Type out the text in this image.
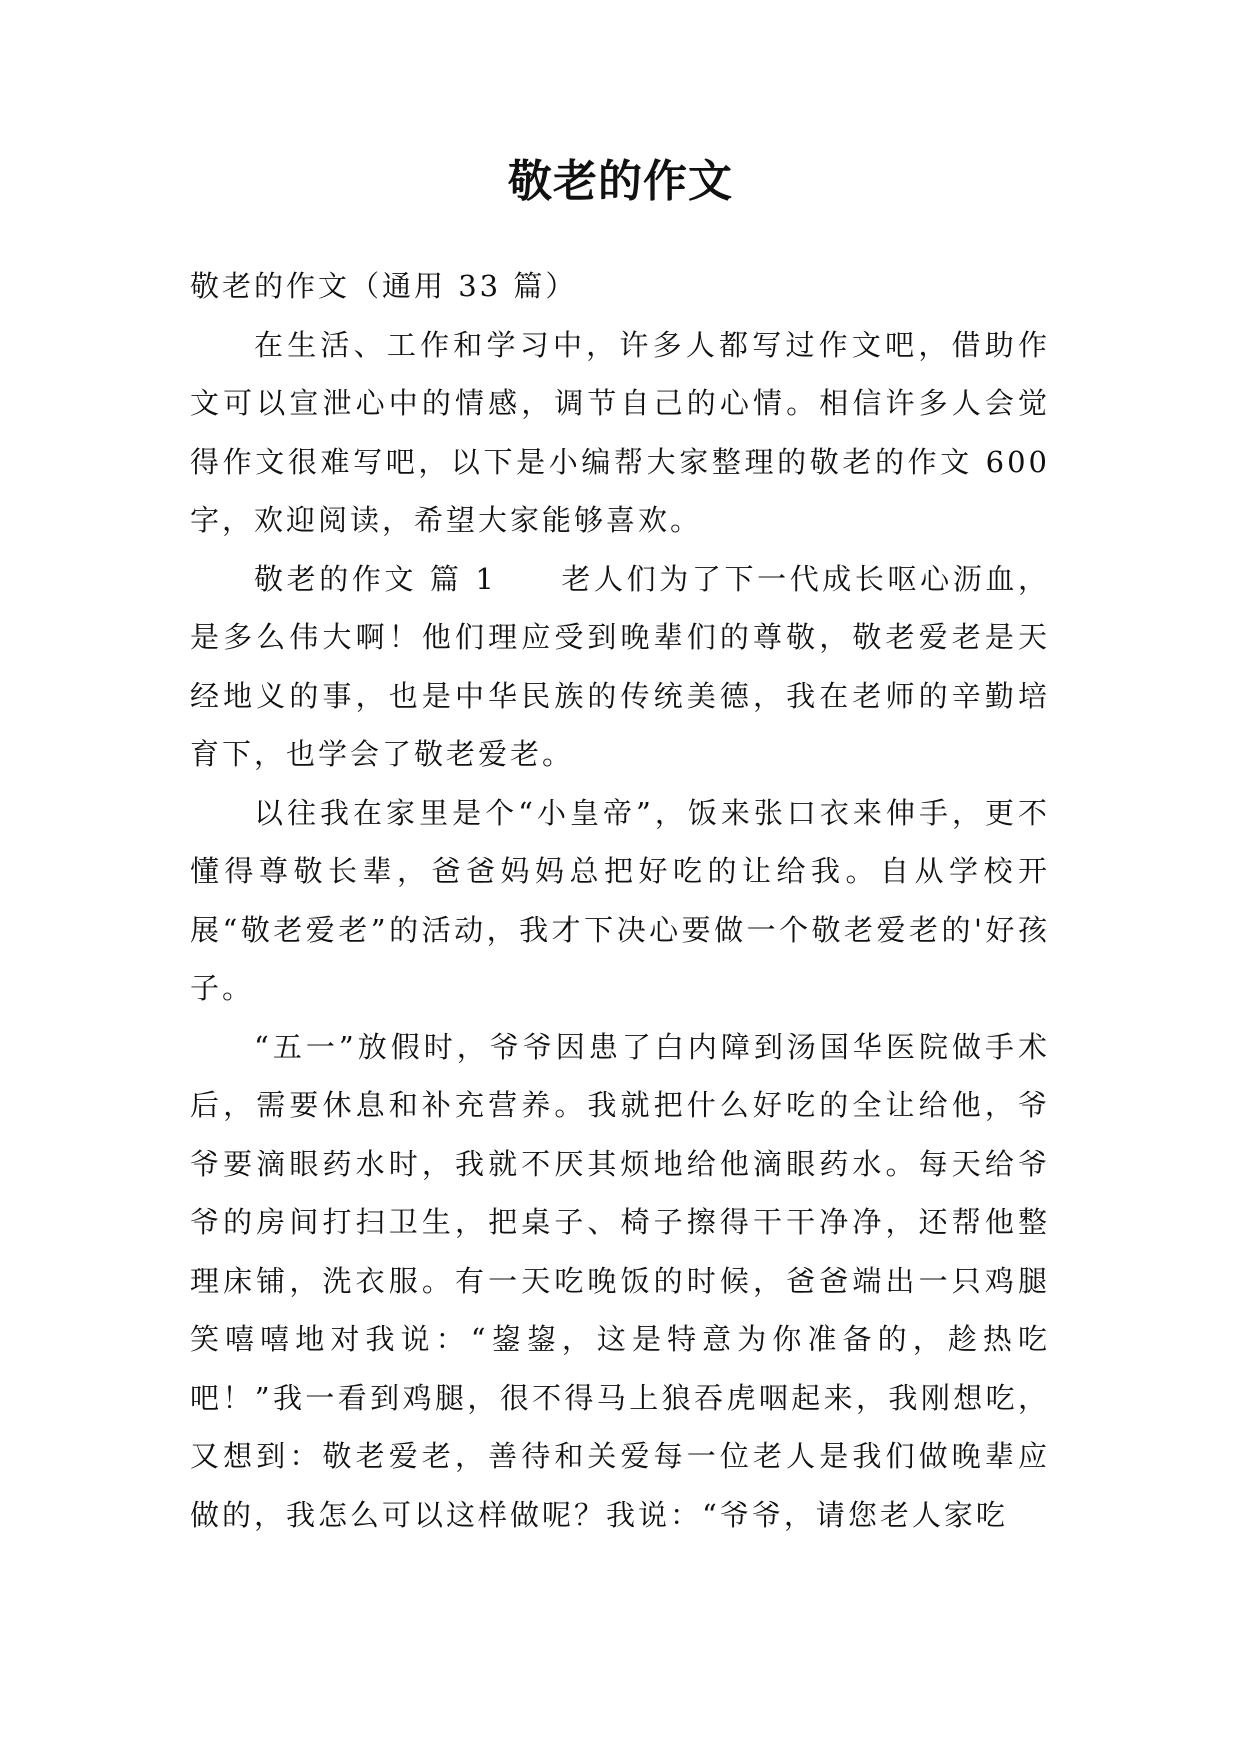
敬老的作文

敬老的作文（通用 33 篇）

在生活、工作和学习中，许多人都写过作文吧，借助作文可以宣泄心中的情感，调节自己的心情。相信许多人会觉得作文很难写吧，以下是小编帮大家整理的敬老的作文 600 字，欢迎阅读，希望大家能够喜欢。

敬老的作文 篇 1 老人们为了下一代成长呕心沥血，是多么伟大啊！他们理应受到晚辈们的尊敬，敬老爱老是天经地义的事，也是中华民族的传统美德，我在老师的辛勤培育下，也学会了敬老爱老。

以往我在家里是个“小皇帝”，饭来张口衣来伸手，更不懂得尊敬长辈，爸爸妈妈总把好吃的让给我。自从学校开展“敬老爱老”的活动，我才下决心要做一个敬老爱老的'好孩子。

“五一”放假时，爷爷因患了白内障到汤国华医院做手术后，需要休息和补充营养。我就把什么好吃的全让给他，爷爷要滴眼药水时，我就不厌其烦地给他滴眼药水。每天给爷爷的房间打扫卫生，把桌子、椅子擦得干干净净，还帮他整理床铺，洗衣服。有一天吃晚饭的时候，爸爸端出一只鸡腿笑嘻嘻地对我说：“鋆鋆，这是特意为你准备的，趁热吃吧！”我一看到鸡腿，很不得马上狼吞虎咽起来，我刚想吃，又想到：敬老爱老，善待和关爱每一位老人是我们做晚辈应做的，我怎么可以这样做呢？我说：“爷爷，请您老人家吃
